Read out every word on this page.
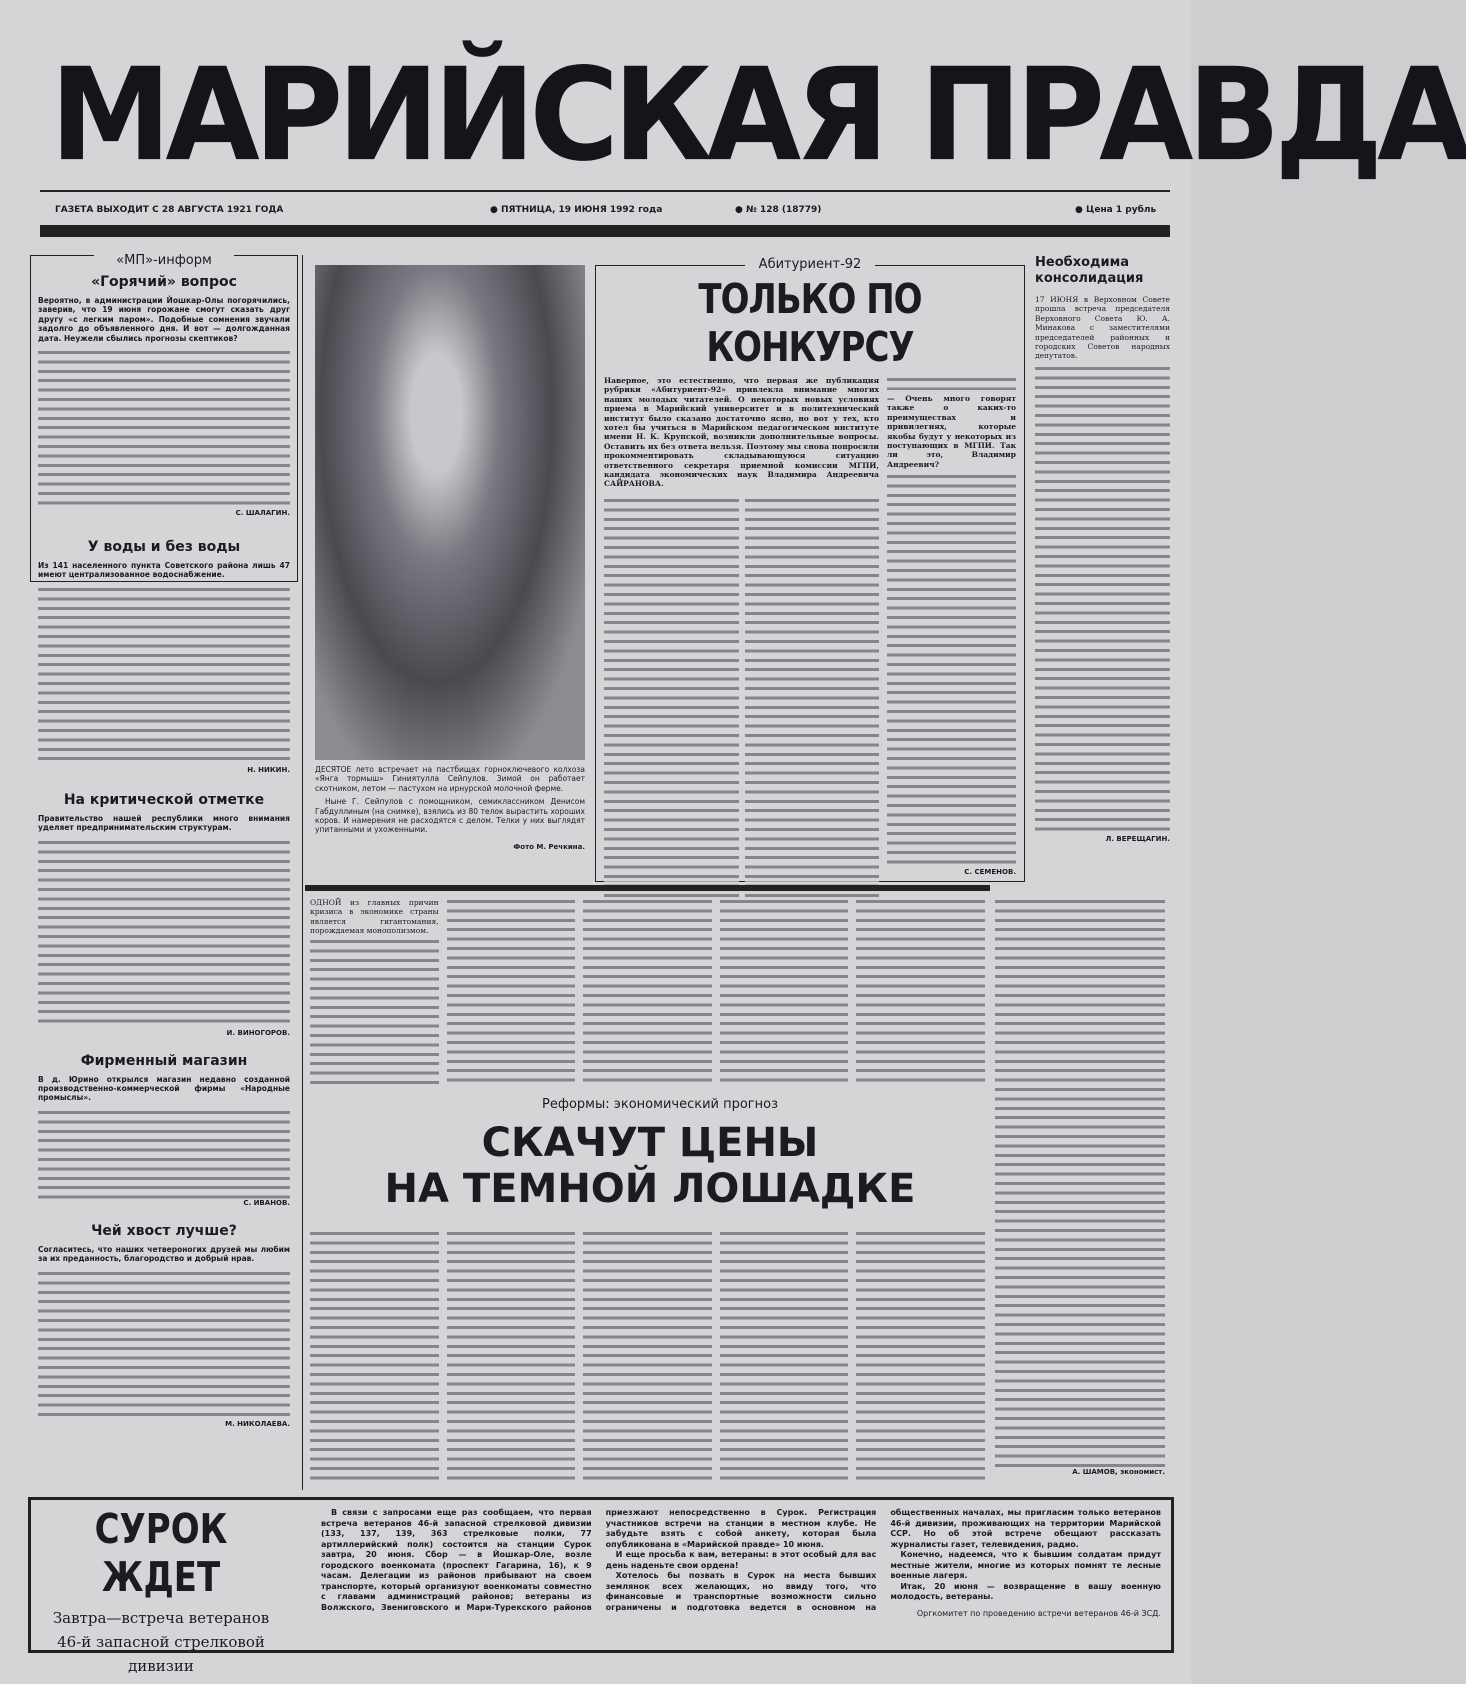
МАРИЙСКАЯ ПРАВДА
ГАЗЕТА ВЫХОДИТ С 28 АВГУСТА 1921 ГОДА	● ПЯТНИЦА, 19 ИЮНЯ 1992 года	● № 128 (18779)	● Цена 1 рубль
«МП»-информ
«Горячий» вопрос
Вероятно, в администрации Йошкар-Олы погорячились, заверив, что 19 июня горожане смогут сказать друг другу «с легким паром». Подобные сомнения звучали задолго до объявленного дня. И вот — долгожданная дата. Неужели сбылись прогнозы скептиков?
С. ШАЛАГИН.
У воды и без воды
Из 141 населенного пункта Советского района лишь 47 имеют централизованное водоснабжение.
Н. НИКИН.
На критической отметке
Правительство нашей республики много внимания уделяет предпринимательским структурам.
И. ВИНОГОРОВ.
Фирменный магазин
В д. Юрино открылся магазин недавно созданной производственно-коммерческой фирмы «Народные промыслы».
С. ИВАНОВ.
Чей хвост лучше?
Согласитесь, что наших четвероногих друзей мы любим за их преданность, благородство и добрый нрав.
М. НИКОЛАЕВА.
ДЕСЯТОЕ лето встречает на пастбищах горноключевого колхоза «Янга тормыш» Гиниятулла Сейпулов. Зимой он работает скотником, летом — пастухом на ирнурской молочной ферме.
Ныне Г. Сейпулов с помощником, семиклассником Денисом Габдуллиным (на снимке), взялись из 80 телок вырастить хороших коров. И намерения не расходятся с делом. Телки у них выглядят упитанными и ухоженными.
Фото М. Речкина.
Абитуриент-92
ТОЛЬКО ПО КОНКУРСУ
Наверное, это естественно, что первая же публикация рубрики «Абитуриент-92» привлекла внимание многих наших молодых читателей. О некоторых новых условиях приема в Марийский университет и в политехнический институт было сказано достаточно ясно, но вот у тех, кто хотел бы учиться в Марийском педагогическом институте имени Н. К. Крупской, возникли дополнительные вопросы. Оставить их без ответа нельзя. Поэтому мы снова попросили прокомментировать складывающуюся ситуацию ответственного секретаря приемной комиссии МГПИ, кандидата экономических наук Владимира Андреевича САЙРАНОВА.
— Очень много говорят также о каких-то преимуществах и привилегиях, которые якобы будут у некоторых из поступающих в МГПИ. Так ли это, Владимир Андреевич?
С. СЕМЕНОВ.
Необходима консолидация
17 ИЮНЯ в Верховном Совете прошла встреча председателя Верховного Совета Ю. А. Минакова с заместителями председателей районных и городских Советов народных депутатов.
Л. ВЕРЕЩАГИН.
ОДНОЙ из главных причин кризиса в экономике страны является гигантомания, порождаемая монополизмом.
Реформы: экономический прогноз
СКАЧУТ ЦЕНЫ
НА ТЕМНОЙ ЛОШАДКЕ
А. ШАМОВ, экономист.
СУРОК ЖДЕТ
Завтра—встреча ветеранов 46-й запасной стрелковой дивизии

В связи с запросами еще раз сообщаем, что первая встреча ветеранов 46-й запасной стрелковой дивизии (133, 137, 139, 363 стрелковые полки, 77 артиллерийский полк) состоится на станции Сурок завтра, 20 июня. Сбор — в Йошкар-Оле, возле городского военкомата (проспект Гагарина, 16), к 9 часам. Делегации из районов прибывают на своем транспорте, который организуют военкоматы совместно с главами администраций районов; ветераны из Волжского, Звениговского и Мари-Турекского районов приезжают непосредственно в Сурок. Регистрация участников встречи на станции в местном клубе. Не забудьте взять с собой анкету, которая была опубликована в «Марийской правде» 10 июня.

И еще просьба к вам, ветераны: в этот особый для вас день наденьте свои ордена!

Хотелось бы позвать в Сурок на места бывших землянок всех желающих, но ввиду того, что финансовые и транспортные возможности сильно ограничены и подготовка ведется в основном на общественных началах, мы пригласим только ветеранов 46-й дивизии, проживающих на территории Марийской ССР. Но об этой встрече обещают рассказать журналисты газет, телевидения, радио.

Конечно, надеемся, что к бывшим солдатам придут местные жители, многие из которых помнят те лесные военные лагеря.

Итак, 20 июня — возвращение в вашу военную молодость, ветераны.

Оргкомитет по проведению встречи ветеранов 46-й ЗСД.
